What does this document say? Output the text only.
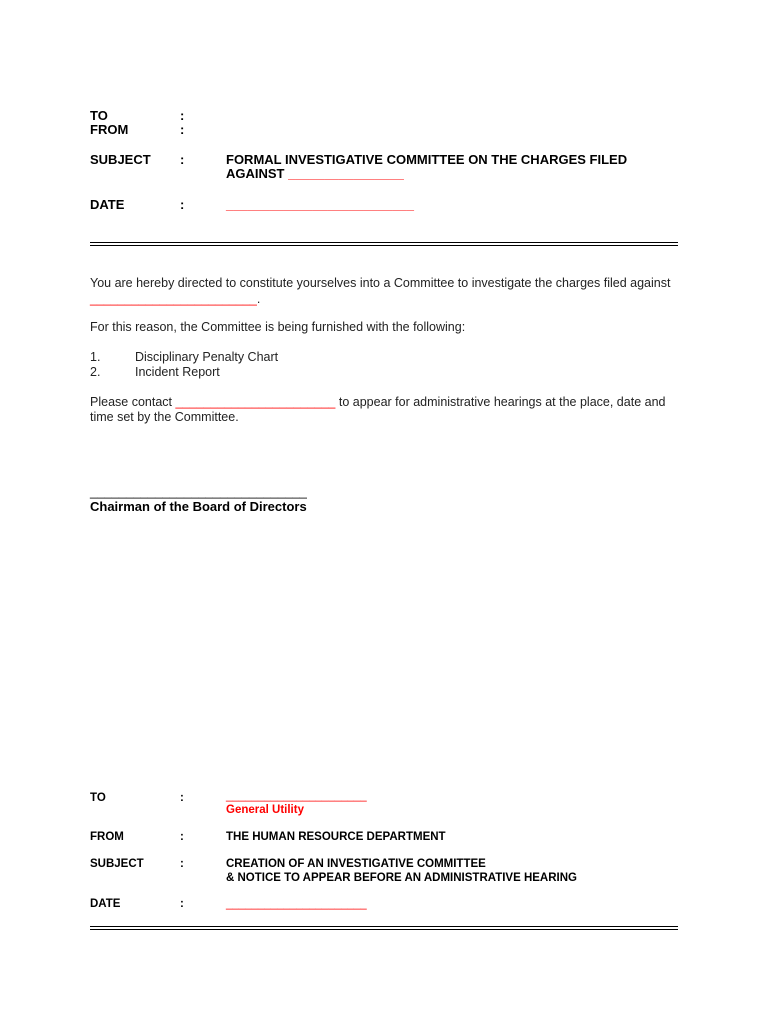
TO	:
FROM	:
SUBJECT :	FORMAL INVESTIGATIVE COMMITTEE ON THE CHARGES FILED
AGAINST ________________
DATE	:	__________________________
You are hereby directed to constitute yourselves into a Committee to investigate the charges filed against
________________________.
For this reason, the Committee is being furnished with the following:
1.	Disciplinary Penalty Chart
2.	Incident Report
Please contact _______________________ to appear for administrative hearings at the place, date and
time set by the Committee.
______________________________
Chairman of the Board of Directors
TO	:	______________________
General Utility
FROM	:	THE HUMAN RESOURCE DEPARTMENT
SUBJECT	:	CREATION OF AN INVESTIGATIVE COMMITTEE
& NOTICE TO APPEAR BEFORE AN ADMINISTRATIVE HEARING
DATE	:	______________________
